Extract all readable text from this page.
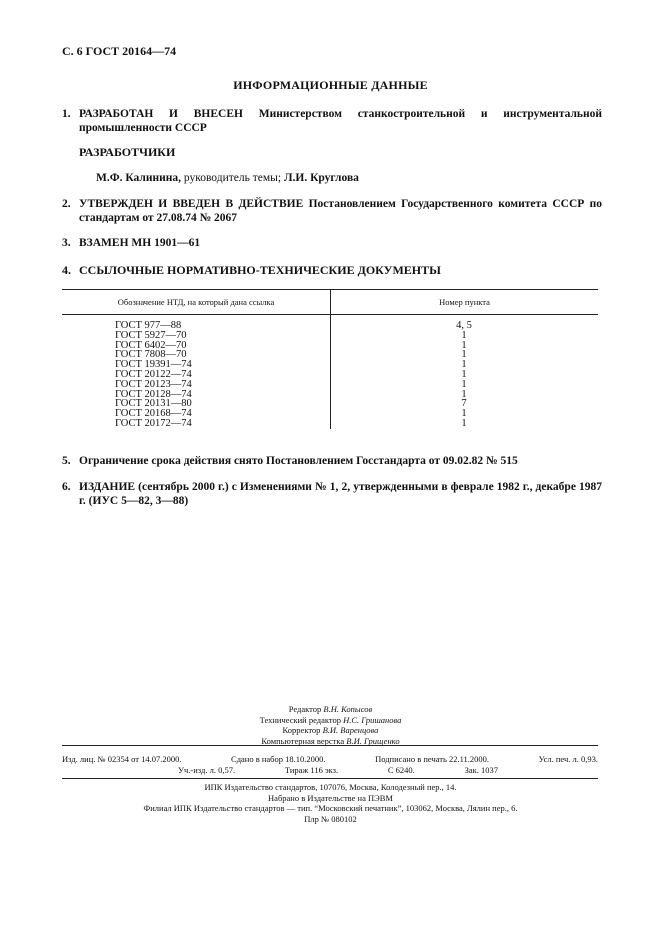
С. 6 ГОСТ 20164—74
ИНФОРМАЦИОННЫЕ ДАННЫЕ
1. РАЗРАБОТАН И ВНЕСЕН Министерством станкостроительной и инструментальной промышленности СССР
РАЗРАБОТЧИКИ
М.Ф. Калинина, руководитель темы; Л.И. Круглова
2. УТВЕРЖДЕН И ВВЕДЕН В ДЕЙСТВИЕ Постановлением Государственного комитета СССР по стандартам от 27.08.74 № 2067
3. ВЗАМЕН МН 1901—61
4. ССЫЛОЧНЫЕ НОРМАТИВНО-ТЕХНИЧЕСКИЕ ДОКУМЕНТЫ
Обозначение НТД, на который дана ссылка	Номер пункта
ГОСТ 977—88	4, 5
ГОСТ 5927—70	1
ГОСТ 6402—70	1
ГОСТ 7808—70	1
ГОСТ 19391—74	1
ГОСТ 20122—74	1
ГОСТ 20123—74	1
ГОСТ 20128—74	1
ГОСТ 20131—80	7
ГОСТ 20168—74	1
ГОСТ 20172—74	1
5. Ограничение срока действия снято Постановлением Госстандарта от 09.02.82 № 515
6. ИЗДАНИЕ (сентябрь 2000 г.) с Изменениями № 1, 2, утвержденными в феврале 1982 г., декабре 1987 г. (ИУС 5—82, 3—88)
Редактор В.Н. Копысов
Технический редактор Н.С. Гришанова
Корректор В.И. Варенцова
Компьютерная верстка В.И. Грищенко
Изд. лиц. № 02354 от 14.07.2000.	Сдано в набор 18.10.2000.	Подписано в печать 22.11.2000.	Усл. печ. л. 0,93.
Уч.-изд. л. 0,57.	Тираж 116 экз.	С 6240.	Зак. 1037
ИПК Издательство стандартов, 107076, Москва, Колодезный пер., 14.
Набрано в Издательстве на ПЭВМ
Филиал ИПК Издательство стандартов — тип. “Московский печатник”, 103062, Москва, Лялин пер., 6.
Плр № 080102
